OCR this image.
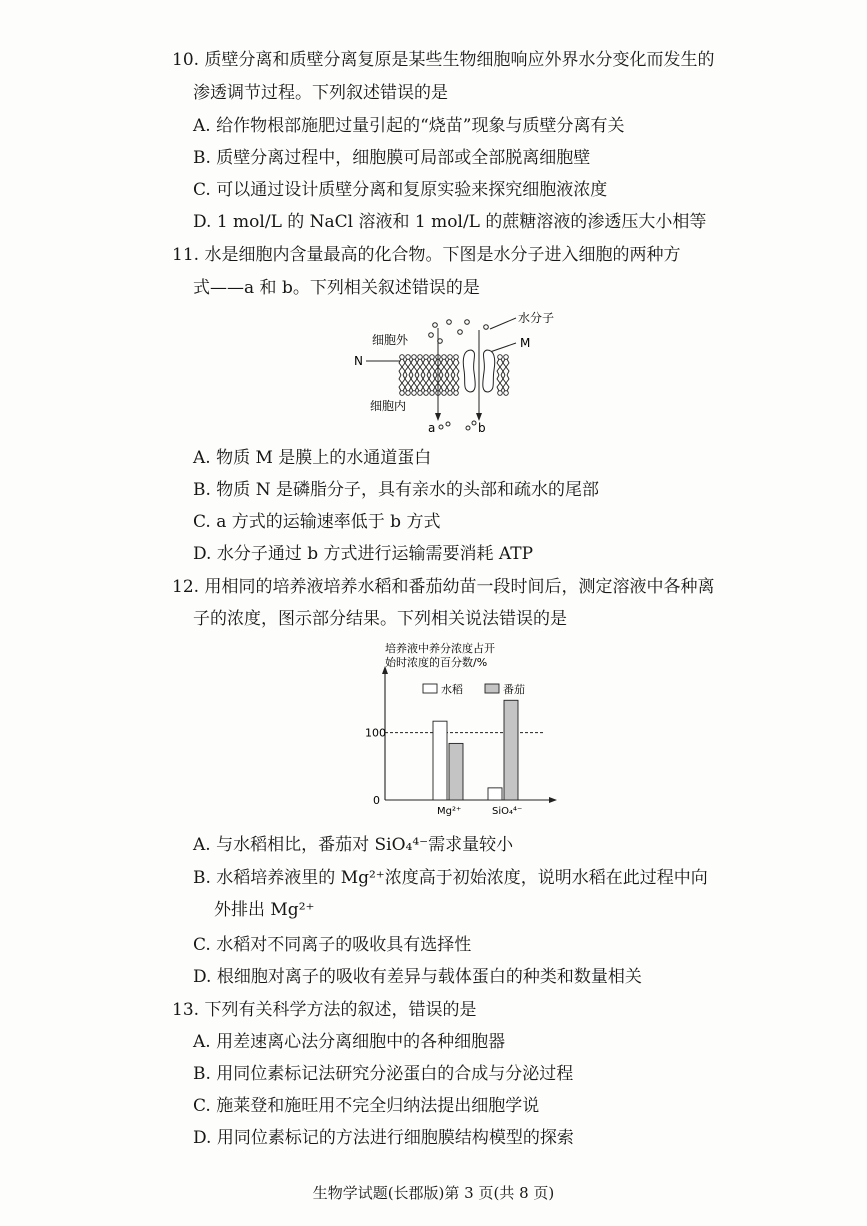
10. 质壁分离和质壁分离复原是某些生物细胞响应外界水分变化而发生的
渗透调节过程。下列叙述错误的是
A. 给作物根部施肥过量引起的“烧苗”现象与质壁分离有关
B. 质壁分离过程中，细胞膜可局部或全部脱离细胞壁
C. 可以通过设计质壁分离和复原实验来探究细胞液浓度
D. 1 mol/L 的 NaCl 溶液和 1 mol/L 的蔗糖溶液的渗透压大小相等
11. 水是细胞内含量最高的化合物。下图是水分子进入细胞的两种方
式——a 和 b。下列相关叙述错误的是
水分子
M
N
细胞外
细胞内
a	b
A. 物质 M 是膜上的水通道蛋白
B. 物质 N 是磷脂分子，具有亲水的头部和疏水的尾部
C. a 方式的运输速率低于 b 方式
D. 水分子通过 b 方式进行运输需要消耗 ATP
12. 用相同的培养液培养水稻和番茄幼苗一段时间后，测定溶液中各种离
子的浓度，图示部分结果。下列相关说法错误的是
培养液中养分浓度占开
始时浓度的百分数/%
100
0
水稻	番茄
Mg²⁺	SiO₄⁴⁻
A. 与水稻相比，番茄对 SiO₄⁴⁻需求量较小
B. 水稻培养液里的 Mg²⁺浓度高于初始浓度，说明水稻在此过程中向
外排出 Mg²⁺
C. 水稻对不同离子的吸收具有选择性
D. 根细胞对离子的吸收有差异与载体蛋白的种类和数量相关
13. 下列有关科学方法的叙述，错误的是
A. 用差速离心法分离细胞中的各种细胞器
B. 用同位素标记法研究分泌蛋白的合成与分泌过程
C. 施莱登和施旺用不完全归纳法提出细胞学说
D. 用同位素标记的方法进行细胞膜结构模型的探索
生物学试题(长郡版)第 3 页(共 8 页)
